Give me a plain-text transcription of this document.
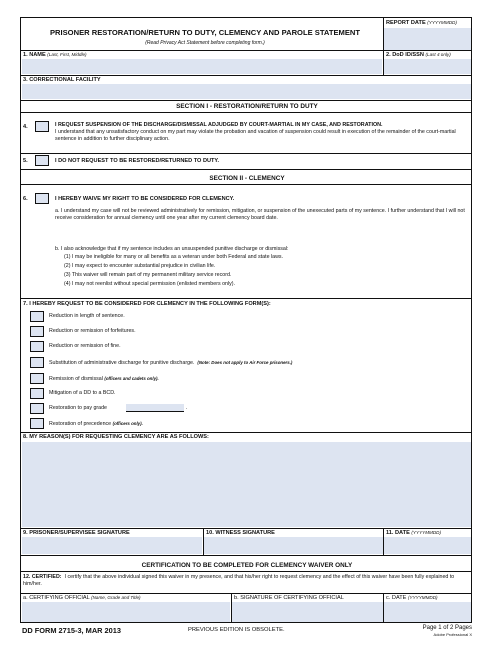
PRISONER RESTORATION/RETURN TO DUTY, CLEMENCY AND PAROLE STATEMENT
(Read Privacy Act Statement before completing form.)
REPORT DATE (YYYYMMDD)
1. NAME (Last, First, Middle)	2. DoD ID/SSN (Last 4 only)
3. CORRECTIONAL FACILITY
SECTION I - RESTORATION/RETURN TO DUTY
4.	I REQUEST SUSPENSION OF THE DISCHARGE/DISMISSAL ADJUDGED BY COURT-MARTIAL IN MY CASE, AND RESTORATION.
I understand that any unsatisfactory conduct on my part may violate the probation and vacation of suspension could result in execution of the remainder of the court-martial sentence in addition to further disciplinary action.
5.	I DO NOT REQUEST TO BE RESTORED/RETURNED TO DUTY.
SECTION II - CLEMENCY
6.	I HEREBY WAIVE MY RIGHT TO BE CONSIDERED FOR CLEMENCY.
a. I understand my case will not be reviewed administratively for remission, mitigation, or suspension of the unexecuted parts of my sentence. I further understand that I will not receive consideration for annual clemency until one year after my current clemency board date.
b. I also acknowledge that if my sentence includes an unsuspended punitive discharge or dismissal:
(1) I may be ineligible for many or all benefits as a veteran under both Federal and state laws.
(2) I may expect to encounter substantial prejudice in civilian life.
(3) This waiver will remain part of my permanent military service record.
(4) I may not reenlist without special permission (enlisted members only).
7. I HEREBY REQUEST TO BE CONSIDERED FOR CLEMENCY IN THE FOLLOWING FORM(S):
Reduction in length of sentence.
Reduction or remission of forfeitures.
Reduction or remission of fine.
Substitution of administrative discharge for punitive discharge. (Note: Does not apply to Air Force prisoners.)
Remission of dismissal (officers and cadets only).
Mitigation of a DD to a BCD.
Restoration to pay grade	.
Restoration of precedence (officers only).
8. MY REASON(S) FOR REQUESTING CLEMENCY ARE AS FOLLOWS:
9. PRISONER/SUPERVISEE SIGNATURE	10. WITNESS SIGNATURE	11. DATE (YYYYMMDD)
CERTIFICATION TO BE COMPLETED FOR CLEMENCY WAIVER ONLY
12. CERTIFIED: I certify that the above individual signed this waiver in my presence, and that his/her right to request clemency and the effect of this waiver have been fully explained to him/her.
a. CERTIFYING OFFICIAL (Name, Grade and Title)	b. SIGNATURE OF CERTIFYING OFFICIAL	c. DATE (YYYYMMDD)
DD FORM 2715-3, MAR 2013	PREVIOUS EDITION IS OBSOLETE.	Page 1 of 2 Pages
Adobe Professional X
